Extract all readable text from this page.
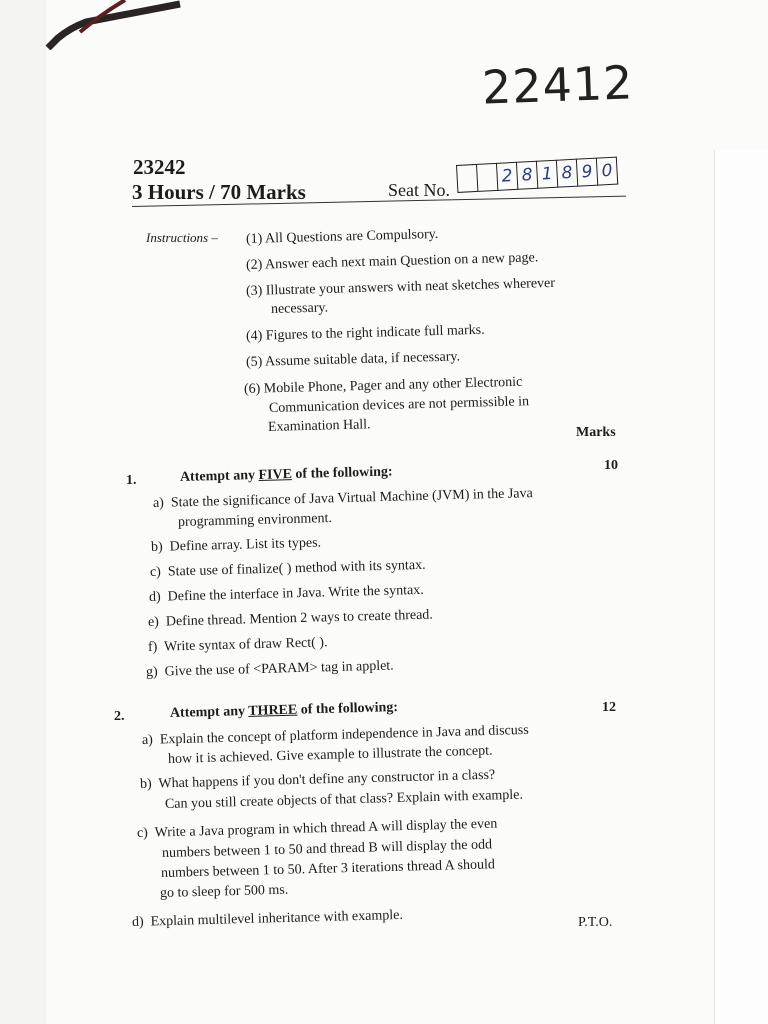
22412
23242
3 Hours / 70 Marks	Seat No.
2 8 1 8 9 0
Instructions – (1) All Questions are Compulsory.
(2) Answer each next main Question on a new page.
(3) Illustrate your answers with neat sketches wherever
necessary.
(4) Figures to the right indicate full marks.
(5) Assume suitable data, if necessary.
(6) Mobile Phone, Pager and any other Electronic
Communication devices are not permissible in
Examination Hall.	Marks
1.	Attempt any FIVE of the following:	10
a) State the significance of Java Virtual Machine (JVM) in the Java
programming environment.
b) Define array. List its types.
c) State use of finalize( ) method with its syntax.
d) Define the interface in Java. Write the syntax.
e) Define thread. Mention 2 ways to create thread.
f) Write syntax of draw Rect( ).
g) Give the use of <PARAM> tag in applet.
2.	Attempt any THREE of the following:	12
a) Explain the concept of platform independence in Java and discuss
how it is achieved. Give example to illustrate the concept.
b) What happens if you don't define any constructor in a class?
Can you still create objects of that class? Explain with example.
c) Write a Java program in which thread A will display the even
numbers between 1 to 50 and thread B will display the odd
numbers between 1 to 50. After 3 iterations thread A should
go to sleep for 500 ms.
d) Explain multilevel inheritance with example.	P.T.O.
